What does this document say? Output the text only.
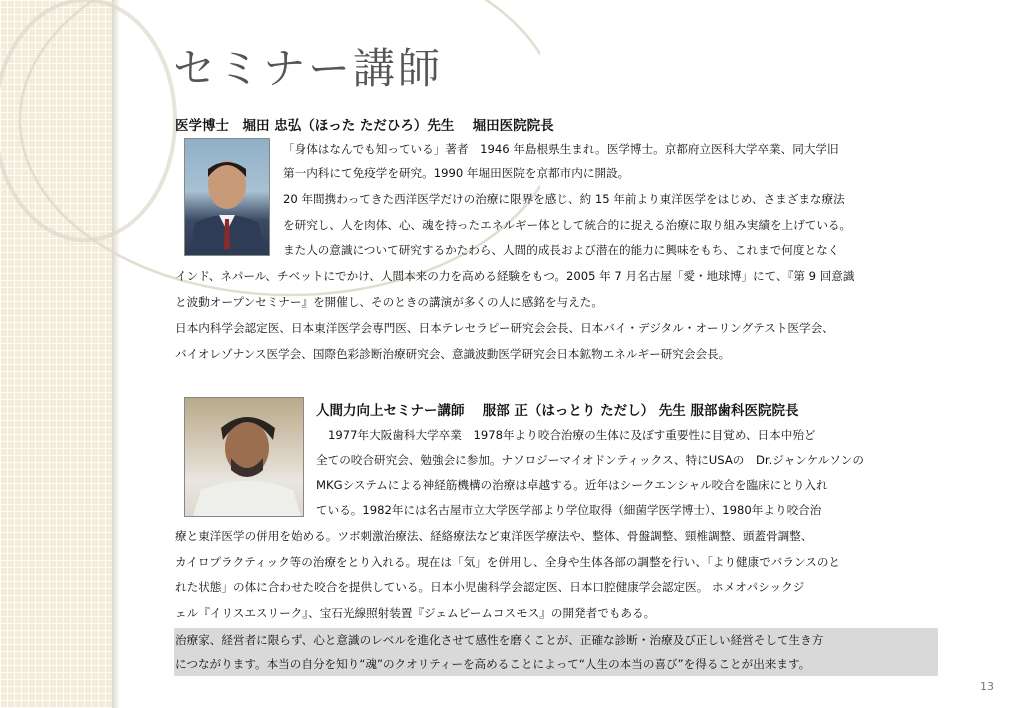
セミナー講師
医学博士　堀田 忠弘（ほった ただひろ）先生　 堀田医院院長
「身体はなんでも知っている」著者　1946 年島根県生まれ。医学博士。京都府立医科大学卒業、同大学旧
第一内科にて免疫学を研究。1990 年堀田医院を京都市内に開設。
20 年間携わってきた西洋医学だけの治療に限界を感じ、約 15 年前より東洋医学をはじめ、さまざまな療法
を研究し、人を肉体、心、魂を持ったエネルギー体として統合的に捉える治療に取り組み実績を上げている。
また人の意識について研究するかたわら、人間的成長および潜在的能力に興味をもち、これまで何度となく
インド、ネパール、チベットにでかけ、人間本来の力を高める経験をもつ。2005 年 7 月名古屋「愛・地球博」にて、『第 9 回意識
と波動オープンセミナー』を開催し、そのときの講演が多くの人に感銘を与えた。
日本内科学会認定医、日本東洋医学会専門医、日本テレセラピー研究会会長、日本バイ・デジタル・オーリングテスト医学会、
バイオレゾナンス医学会、国際色彩診断治療研究会、意識波動医学研究会日本鉱物エネルギー研究会会長。
人間力向上セミナー講師　 服部 正（はっとり ただし） 先生 服部歯科医院院長
1977年大阪歯科大学卒業　1978年より咬合治療の生体に及ぼす重要性に目覚め、日本中殆ど
全ての咬合研究会、勉強会に参加。ナソロジーマイオドンティックス、特にUSAの　Dr.ジャンケルソンの
MKGシステムによる神経筋機構の治療は卓越する。近年はシークエンシャル咬合を臨床にとり入れ
ている。1982年には名古屋市立大学医学部より学位取得（細菌学医学博士）、1980年より咬合治
療と東洋医学の併用を始める。ツボ刺激治療法、経絡療法など東洋医学療法や、整体、骨盤調整、頸椎調整、頭蓋骨調整、
カイロプラクティック等の治療をとり入れる。現在は「気」を併用し、全身や生体各部の調整を行い、「より健康でバランスのと
れた状態」の体に合わせた咬合を提供している。日本小児歯科学会認定医、日本口腔健康学会認定医。 ホメオパシックジ
ェル『イリスエスリーク』、宝石光線照射装置『ジェムビームコスモス』の開発者でもある。
治療家、経営者に限らず、心と意識のレベルを進化させて感性を磨くことが、正確な診断・治療及び正しい経営そして生き方
につながります。本当の自分を知り“魂”のクオリティーを高めることによって“人生の本当の喜び”を得ることが出来ます。
13
